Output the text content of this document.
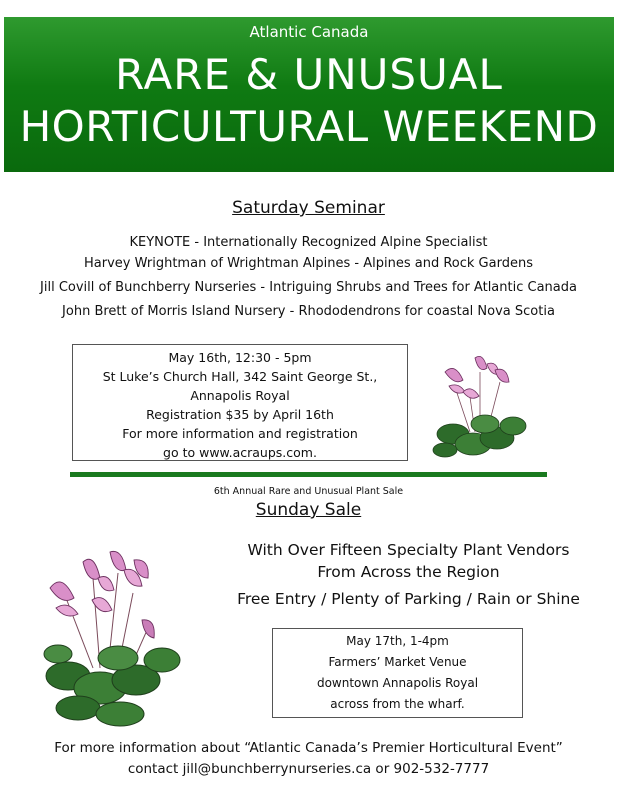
Atlantic Canada
RARE & UNUSUAL
HORTICULTURAL WEEKEND
Saturday Seminar
KEYNOTE - Internationally Recognized Alpine Specialist
Harvey Wrightman of Wrightman Alpines - Alpines and Rock Gardens
Jill Covill of Bunchberry Nurseries - Intriguing Shrubs and Trees for Atlantic Canada
John Brett of Morris Island Nursery - Rhododendrons for coastal Nova Scotia
May 16th, 12:30 - 5pm
St Luke’s Church Hall, 342 Saint George St.,
Annapolis Royal
Registration $35 by April 16th
For more information and registration
go to www.acraups.com.
6th Annual Rare and Unusual Plant Sale
Sunday Sale
With Over Fifteen Specialty Plant Vendors
From Across the Region
Free Entry / Plenty of Parking / Rain or Shine
May 17th, 1-4pm
Farmers’ Market Venue
downtown Annapolis Royal
across from the wharf.
For more information about “Atlantic Canada’s Premier Horticultural Event”
contact jill@bunchberrynurseries.ca or 902-532-7777
